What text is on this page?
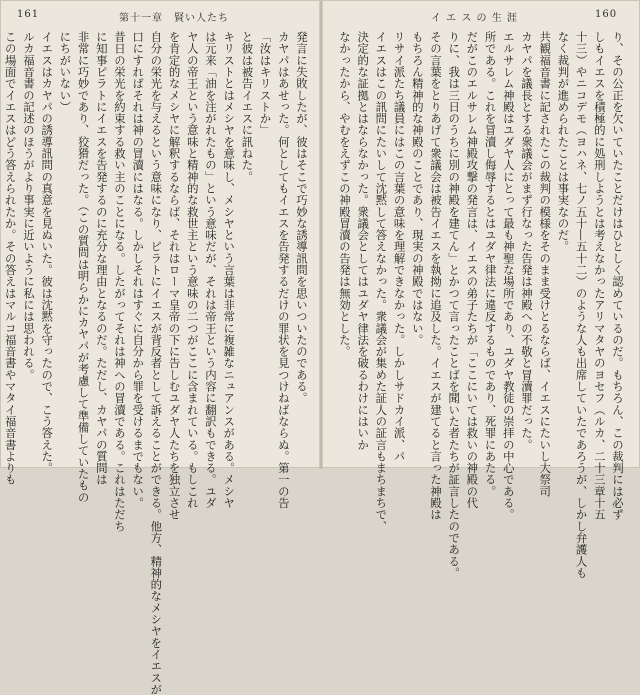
161	第十一章　賢い人たち
発言に失敗したが、彼はそこで巧妙な誘導訊問を思いついたのである。
カヤパはあせった。何としてもイエスを告発するだけの罪状を見つけねばならぬ。第一の告
「汝はキリストか」
と彼は被告イエスに訊ねた。
キリストとはメシヤを意味し、メシヤという言葉は非常に複雑なニュアンスがある。メシヤ
は元来「油を注がれたもの」という意味だが、それは帝王という内容に翻訳もできる。ユダ
ヤ人の帝王という意味と精神的な救世主という意味の二つがここに含まれている。もしこれ
を肯定的なメシヤに解釈するならば、それはローマ皇帝の下に告しむユダヤ人たちを独立させ
自分の栄光を与えるという意味になり、ピラトにイエスが背反者として訴えることができる。他方、精神的なメシヤをイエスが
口にすればそれは神の冒瀆にはなる。しかしそれはすぐに自分から罪を受けるまでもない。
昔日の栄光を約束する救い主のことになる。したがってそれは神への冒瀆である。これはただち
に知事ピラトにイエスを告発するのに充分な理由となるのだ。ただし、カヤパの質問は
非常に巧妙であり、狡猾だった。（この質問は明らかにカヤパが考慮して準備していたもの
にちがいない）
イエスはカヤパの誘導訊問の真意を見ぬいた。彼は沈黙を守ったので、こう答えた。
ルカ福音書の記述のほうがより事実に近いように私には思われる。
この場面でイエスはどう答えられたか。その答えはマルコ福音書やマタイ福音書よりも
イ エ ス の 生 涯	160
り、その公正を欠いていたことだけはひとしく認めているのだ。もちろん、この裁判には必ず
しもイエスを積極的に処刑しようとは考えなかったアリマタヤのヨセフ（ルカ、二十三章十五
十三）やニコデモ（ヨハネ、七ノ五十―五十二）のような人も出席していたであろうが、しかし弁護人も
なく裁判が進められたことは事実なのだ。
共観福音書に記されたこの裁判の模様をそのまま受けとるならば、イエスにたいし大祭司
カヤパを議長とする衆議会がまず行なった告発は神殿への不敬と冒瀆罪だった。
エルサレム神殿はユダヤ人にとって最も神聖な場所であり、ユダヤ教徒の崇拝の中心である。
所である。これを冒瀆し侮辱するとはユダヤ律法に違反するものであり、死罪にあたる。
だがこのエルサレム神殿攻撃の発言は、イエスの弟子たちが「ここにいては救いの神殿の代
りに、我は三日のうちに別の神殿を建てん」とかつて言ったことばを聞いた者たちが証言したのである。
その言葉をとりあげて衆議会は被告イエスを執拗に追及した。イエスが建てると言った神殿は
もちろん精神的な神殿のことであり、現実の神殿ではない。
リサイ派たち議員にはこの言葉の意味を理解できなかった。しかしサドカイ派、パ
イエスはこの訊問にたいして沈黙して答えなかった。衆議会が集めた証人の証言もまちまちで、
決定的な証拠とはならなかった。衆議会としてはユダヤ律法を破るわけにはいか
なかったから、やむをえずこの神殿冒瀆の告発は無効とした。
